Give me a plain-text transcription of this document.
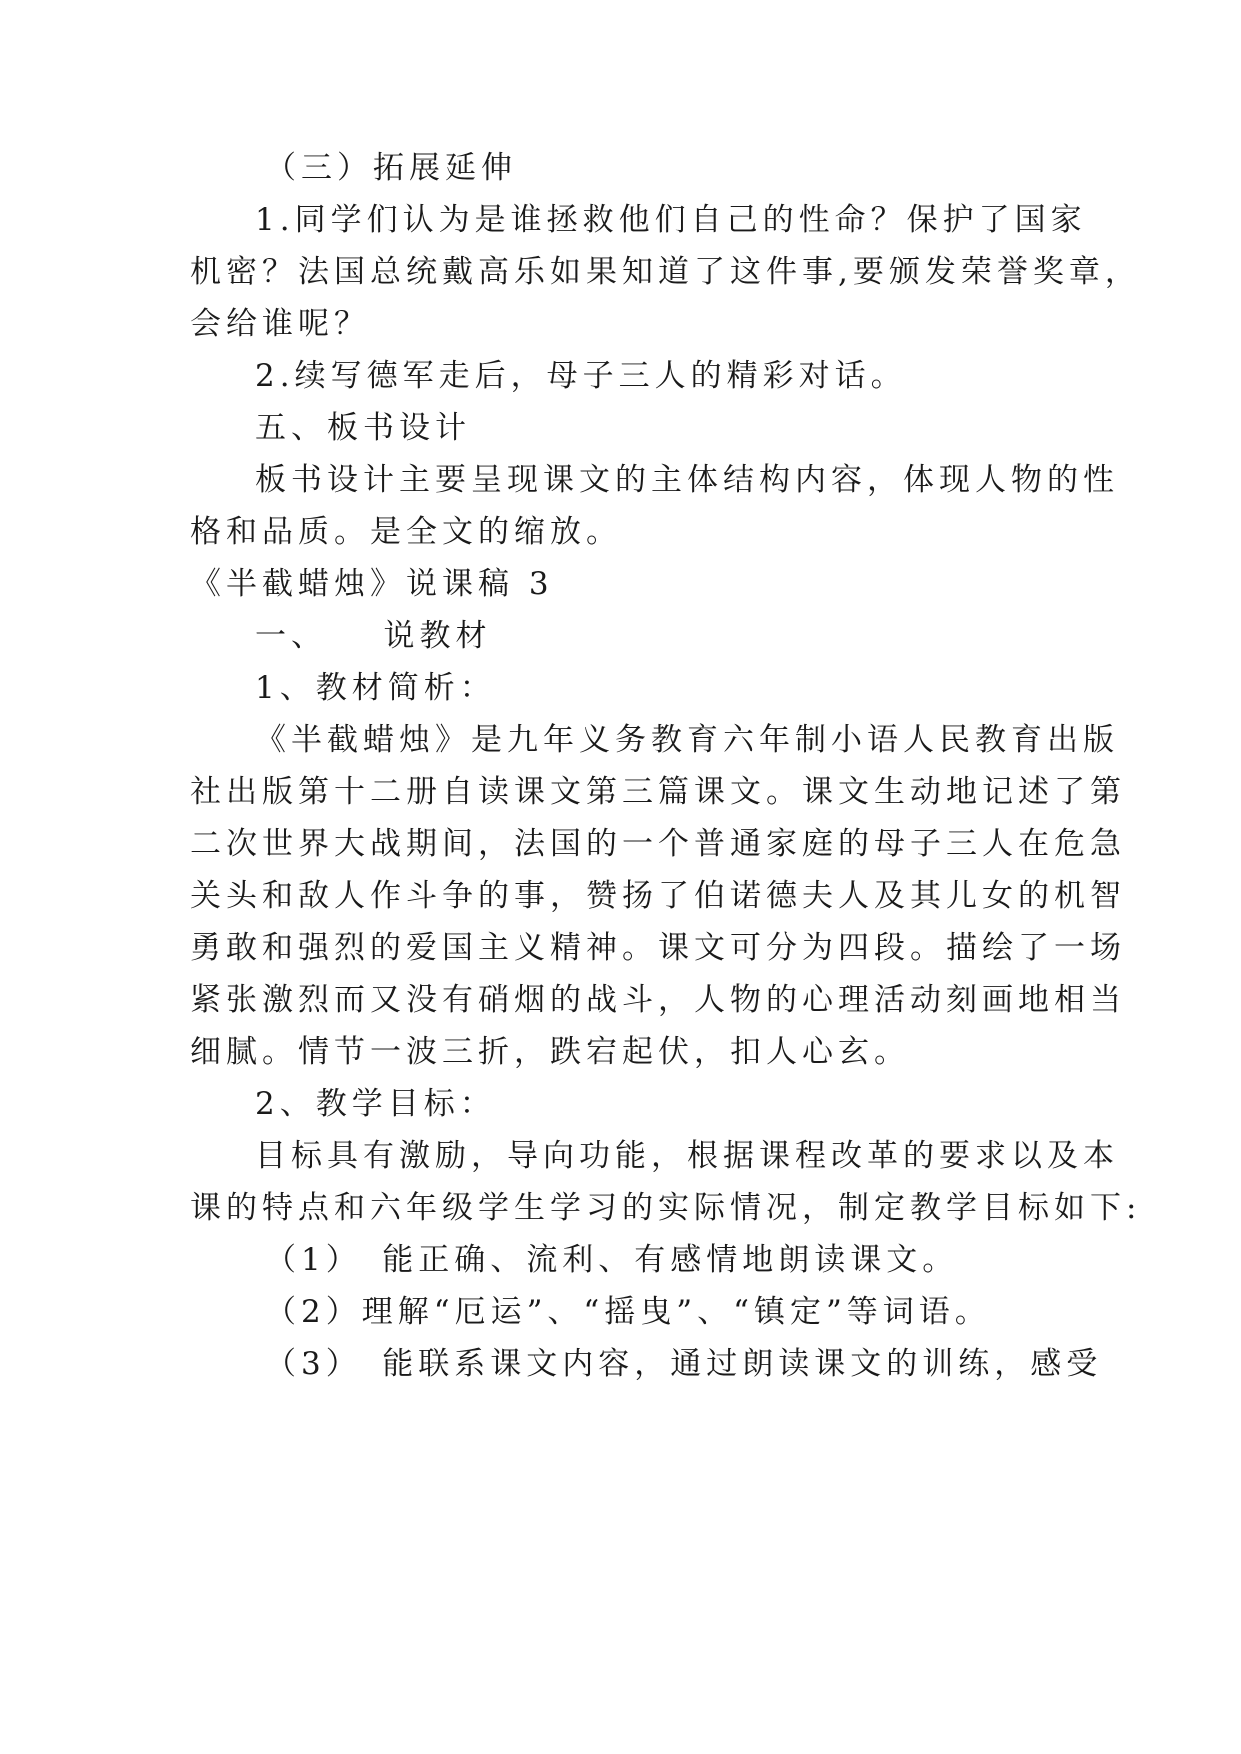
（三）拓展延伸
1.同学们认为是谁拯救他们自己的性命？保护了国家
机密？法国总统戴高乐如果知道了这件事,要颁发荣誉奖章，
会给谁呢？
2.续写德军走后，母子三人的精彩对话。
五、板书设计
板书设计主要呈现课文的主体结构内容，体现人物的性
格和品质。是全文的缩放。
《半截蜡烛》说课稿 3
一、　　说教材
1、教材简析：
《半截蜡烛》是九年义务教育六年制小语人民教育出版
社出版第十二册自读课文第三篇课文。课文生动地记述了第
二次世界大战期间，法国的一个普通家庭的母子三人在危急
关头和敌人作斗争的事，赞扬了伯诺德夫人及其儿女的机智
勇敢和强烈的爱国主义精神。课文可分为四段。描绘了一场
紧张激烈而又没有硝烟的战斗，人物的心理活动刻画地相当
细腻。情节一波三折，跌宕起伏，扣人心玄。
2、教学目标：
目标具有激励，导向功能，根据课程改革的要求以及本
课的特点和六年级学生学习的实际情况，制定教学目标如下:
（1）　能正确、流利、有感情地朗读课文。
（2）理解“厄运”、“摇曳”、“镇定”等词语。
（3）　能联系课文内容，通过朗读课文的训练，感受
